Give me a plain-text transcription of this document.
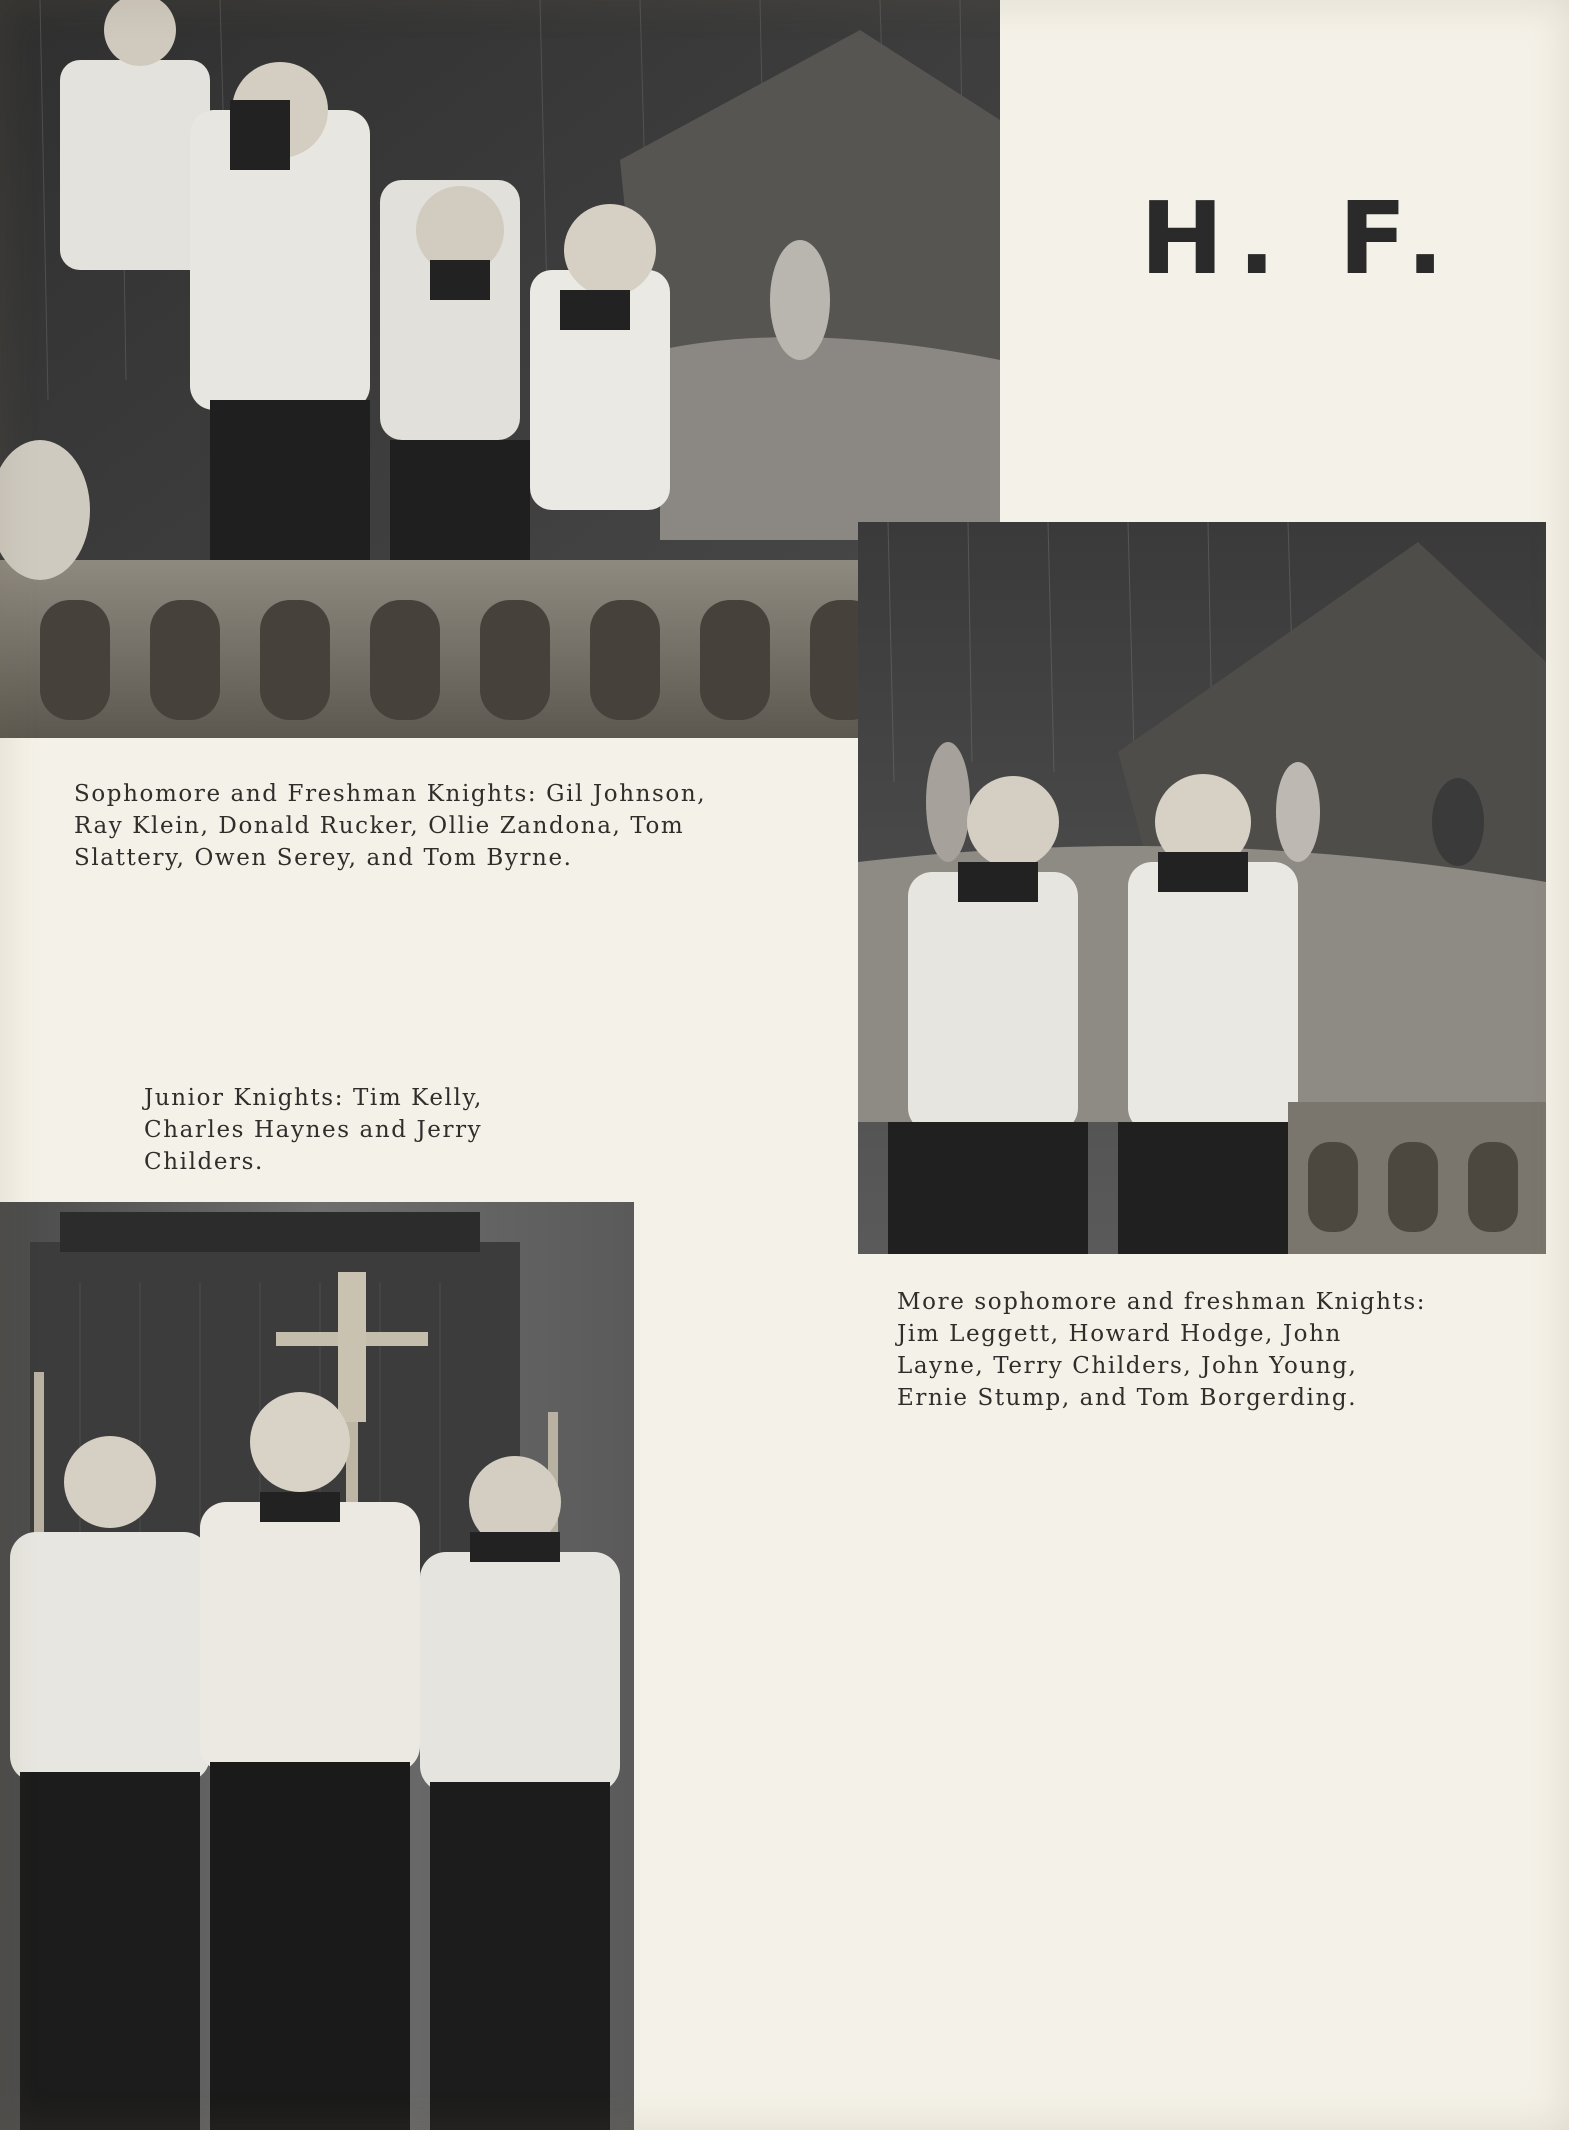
H. F.
Sophomore and Freshman Knights: Gil Johnson,
Ray Klein, Donald Rucker, Ollie Zandona, Tom
Slattery, Owen Serey, and Tom Byrne.
Junior Knights: Tim Kelly,
Charles Haynes and Jerry
Childers.
More sophomore and freshman Knights:
Jim Leggett, Howard Hodge, John
Layne, Terry Childers, John Young,
Ernie Stump, and Tom Borgerding.
